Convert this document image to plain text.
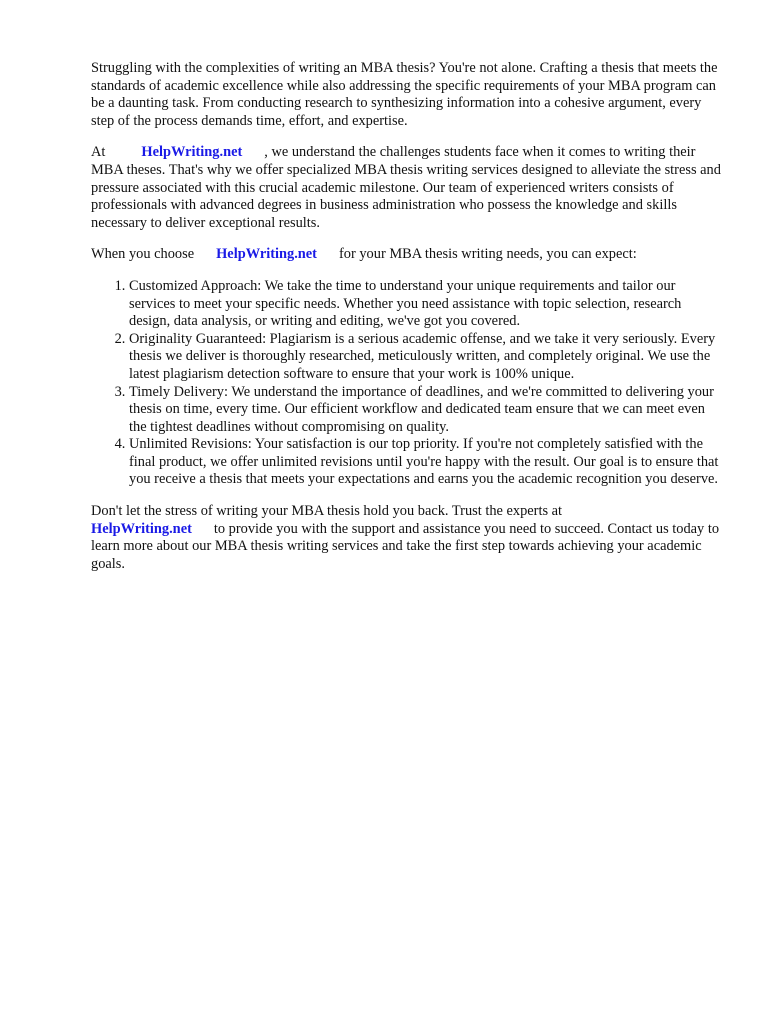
Struggling with the complexities of writing an MBA thesis? You're not alone. Crafting a thesis that meets the standards of academic excellence while also addressing the specific requirements of your MBA program can be a daunting task. From conducting research to synthesizing information into a cohesive argument, every step of the process demands time, effort, and expertise.

At	HelpWriting.net , we understand the challenges students face when it comes to writing their MBA theses. That's why we offer specialized MBA thesis writing services designed to alleviate the stress and pressure associated with this crucial academic milestone. Our team of experienced writers consists of professionals with advanced degrees in business administration who possess the knowledge and skills necessary to deliver exceptional results.

When you choose HelpWriting.net for your MBA thesis writing needs, you can expect:

1. Customized Approach: We take the time to understand your unique requirements and tailor our services to meet your specific needs. Whether you need assistance with topic selection, research design, data analysis, or writing and editing, we've got you covered.
2. Originality Guaranteed: Plagiarism is a serious academic offense, and we take it very seriously. Every thesis we deliver is thoroughly researched, meticulously written, and completely original. We use the latest plagiarism detection software to ensure that your work is 100% unique.
3. Timely Delivery: We understand the importance of deadlines, and we're committed to delivering your thesis on time, every time. Our efficient workflow and dedicated team ensure that we can meet even the tightest deadlines without compromising on quality.
4. Unlimited Revisions: Your satisfaction is our top priority. If you're not completely satisfied with the final product, we offer unlimited revisions until you're happy with the result. Our goal is to ensure that you receive a thesis that meets your expectations and earns you the academic recognition you deserve.

Don't let the stress of writing your MBA thesis hold you back. Trust the experts at
HelpWriting.net to provide you with the support and assistance you need to succeed. Contact us today to learn more about our MBA thesis writing services and take the first step towards achieving your academic goals.
